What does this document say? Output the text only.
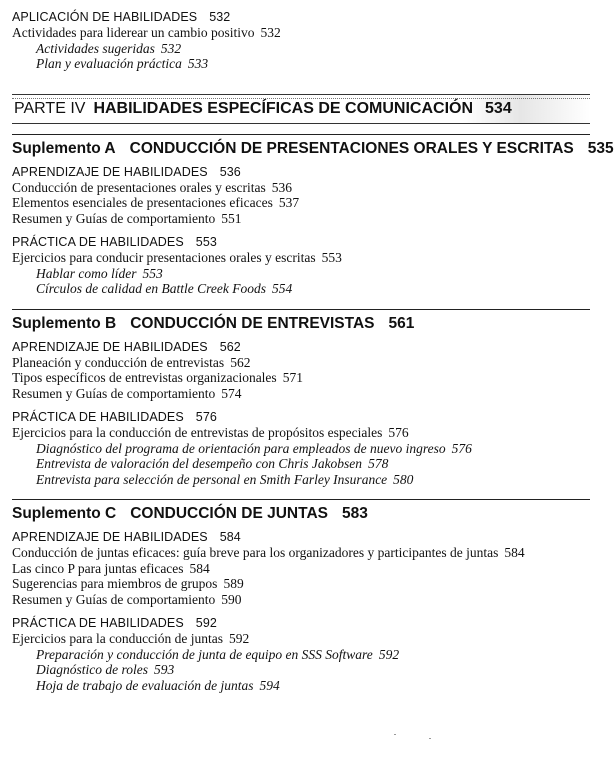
APLICACIÓN DE HABILIDADES 532

Actividades para liderear un cambio positivo 532

Actividades sugeridas 532

Plan y evaluación práctica 533

PARTE IV HABILIDADES ESPECÍFICAS DE COMUNICACIÓN 534
Suplemento A CONDUCCIÓN DE PRESENTACIONES ORALES Y ESCRITAS 535

APRENDIZAJE DE HABILIDADES 536

Conducción de presentaciones orales y escritas 536

Elementos esenciales de presentaciones eficaces 537

Resumen y Guías de comportamiento 551

PRÁCTICA DE HABILIDADES 553

Ejercicios para conducir presentaciones orales y escritas 553

Hablar como líder 553

Círculos de calidad en Battle Creek Foods 554

Suplemento B CONDUCCIÓN DE ENTREVISTAS 561

APRENDIZAJE DE HABILIDADES 562

Planeación y conducción de entrevistas 562

Tipos específicos de entrevistas organizacionales 571

Resumen y Guías de comportamiento 574

PRÁCTICA DE HABILIDADES 576

Ejercicios para la conducción de entrevistas de propósitos especiales 576

Diagnóstico del programa de orientación para empleados de nuevo ingreso 576

Entrevista de valoración del desempeño con Chris Jakobsen 578

Entrevista para selección de personal en Smith Farley Insurance 580

Suplemento C CONDUCCIÓN DE JUNTAS 583

APRENDIZAJE DE HABILIDADES 584

Conducción de juntas eficaces: guía breve para los organizadores y participantes de juntas 584

Las cinco P para juntas eficaces 584

Sugerencias para miembros de grupos 589

Resumen y Guías de comportamiento 590

PRÁCTICA DE HABILIDADES 592

Ejercicios para la conducción de juntas 592

Preparación y conducción de junta de equipo en SSS Software 592

Diagnóstico de roles 593

Hoja de trabajo de evaluación de juntas 594
